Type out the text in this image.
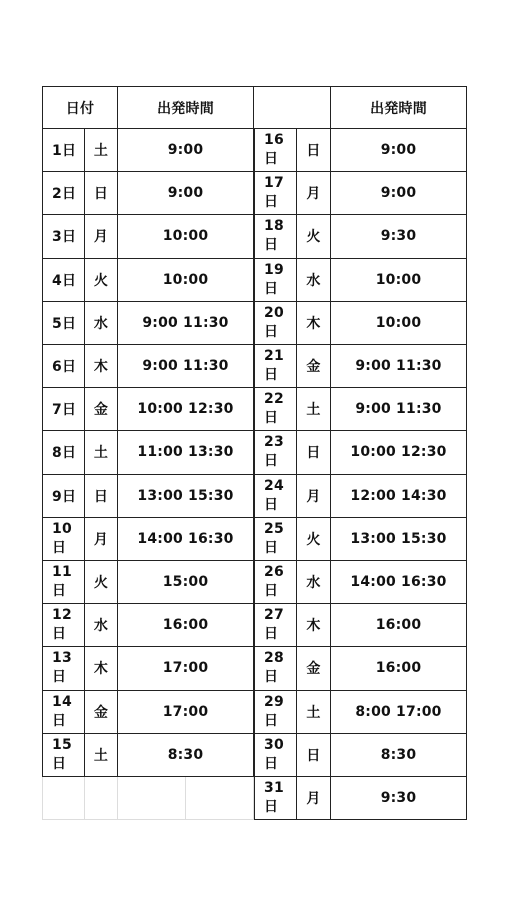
日付	出発時間	出発時間
1日	土	9:00
2日	日	9:00
3日	月	10:00
4日	火	10:00
5日	水	9:00 11:30
6日	木	9:00 11:30
7日	金	10:00 12:30
8日	土	11:00 13:30
9日	日	13:00 15:30
10日	月	14:00 16:30
11日	火	15:00
12日	水	16:00
13日	木	17:00
14日	金	17:00
15日	土	8:30
16日	日	9:00
17日	月	9:00
18日	火	9:30
19日	水	10:00
20日	木	10:00
21日	金	9:00 11:30
22日	土	9:00 11:30
23日	日	10:00 12:30
24日	月	12:00 14:30
25日	火	13:00 15:30
26日	水	14:00 16:30
27日	木	16:00
28日	金	16:00
29日	土	8:00 17:00
30日	日	8:30
31日	月	9:30
